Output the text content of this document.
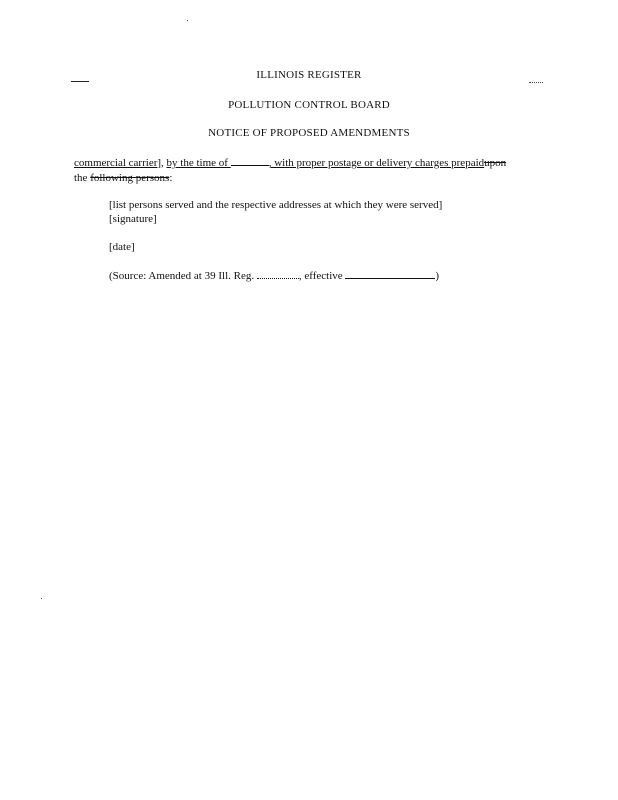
ILLINOIS REGISTER
POLLUTION CONTROL BOARD
NOTICE OF PROPOSED AMENDMENTS
commercial carrier], by the time of	, with proper postage or delivery charges prepaidupon
the following persons:
[list persons served and the respective addresses at which they were served]
[signature]
[date]
(Source: Amended at 39 Ill. Reg.	, effective	)
